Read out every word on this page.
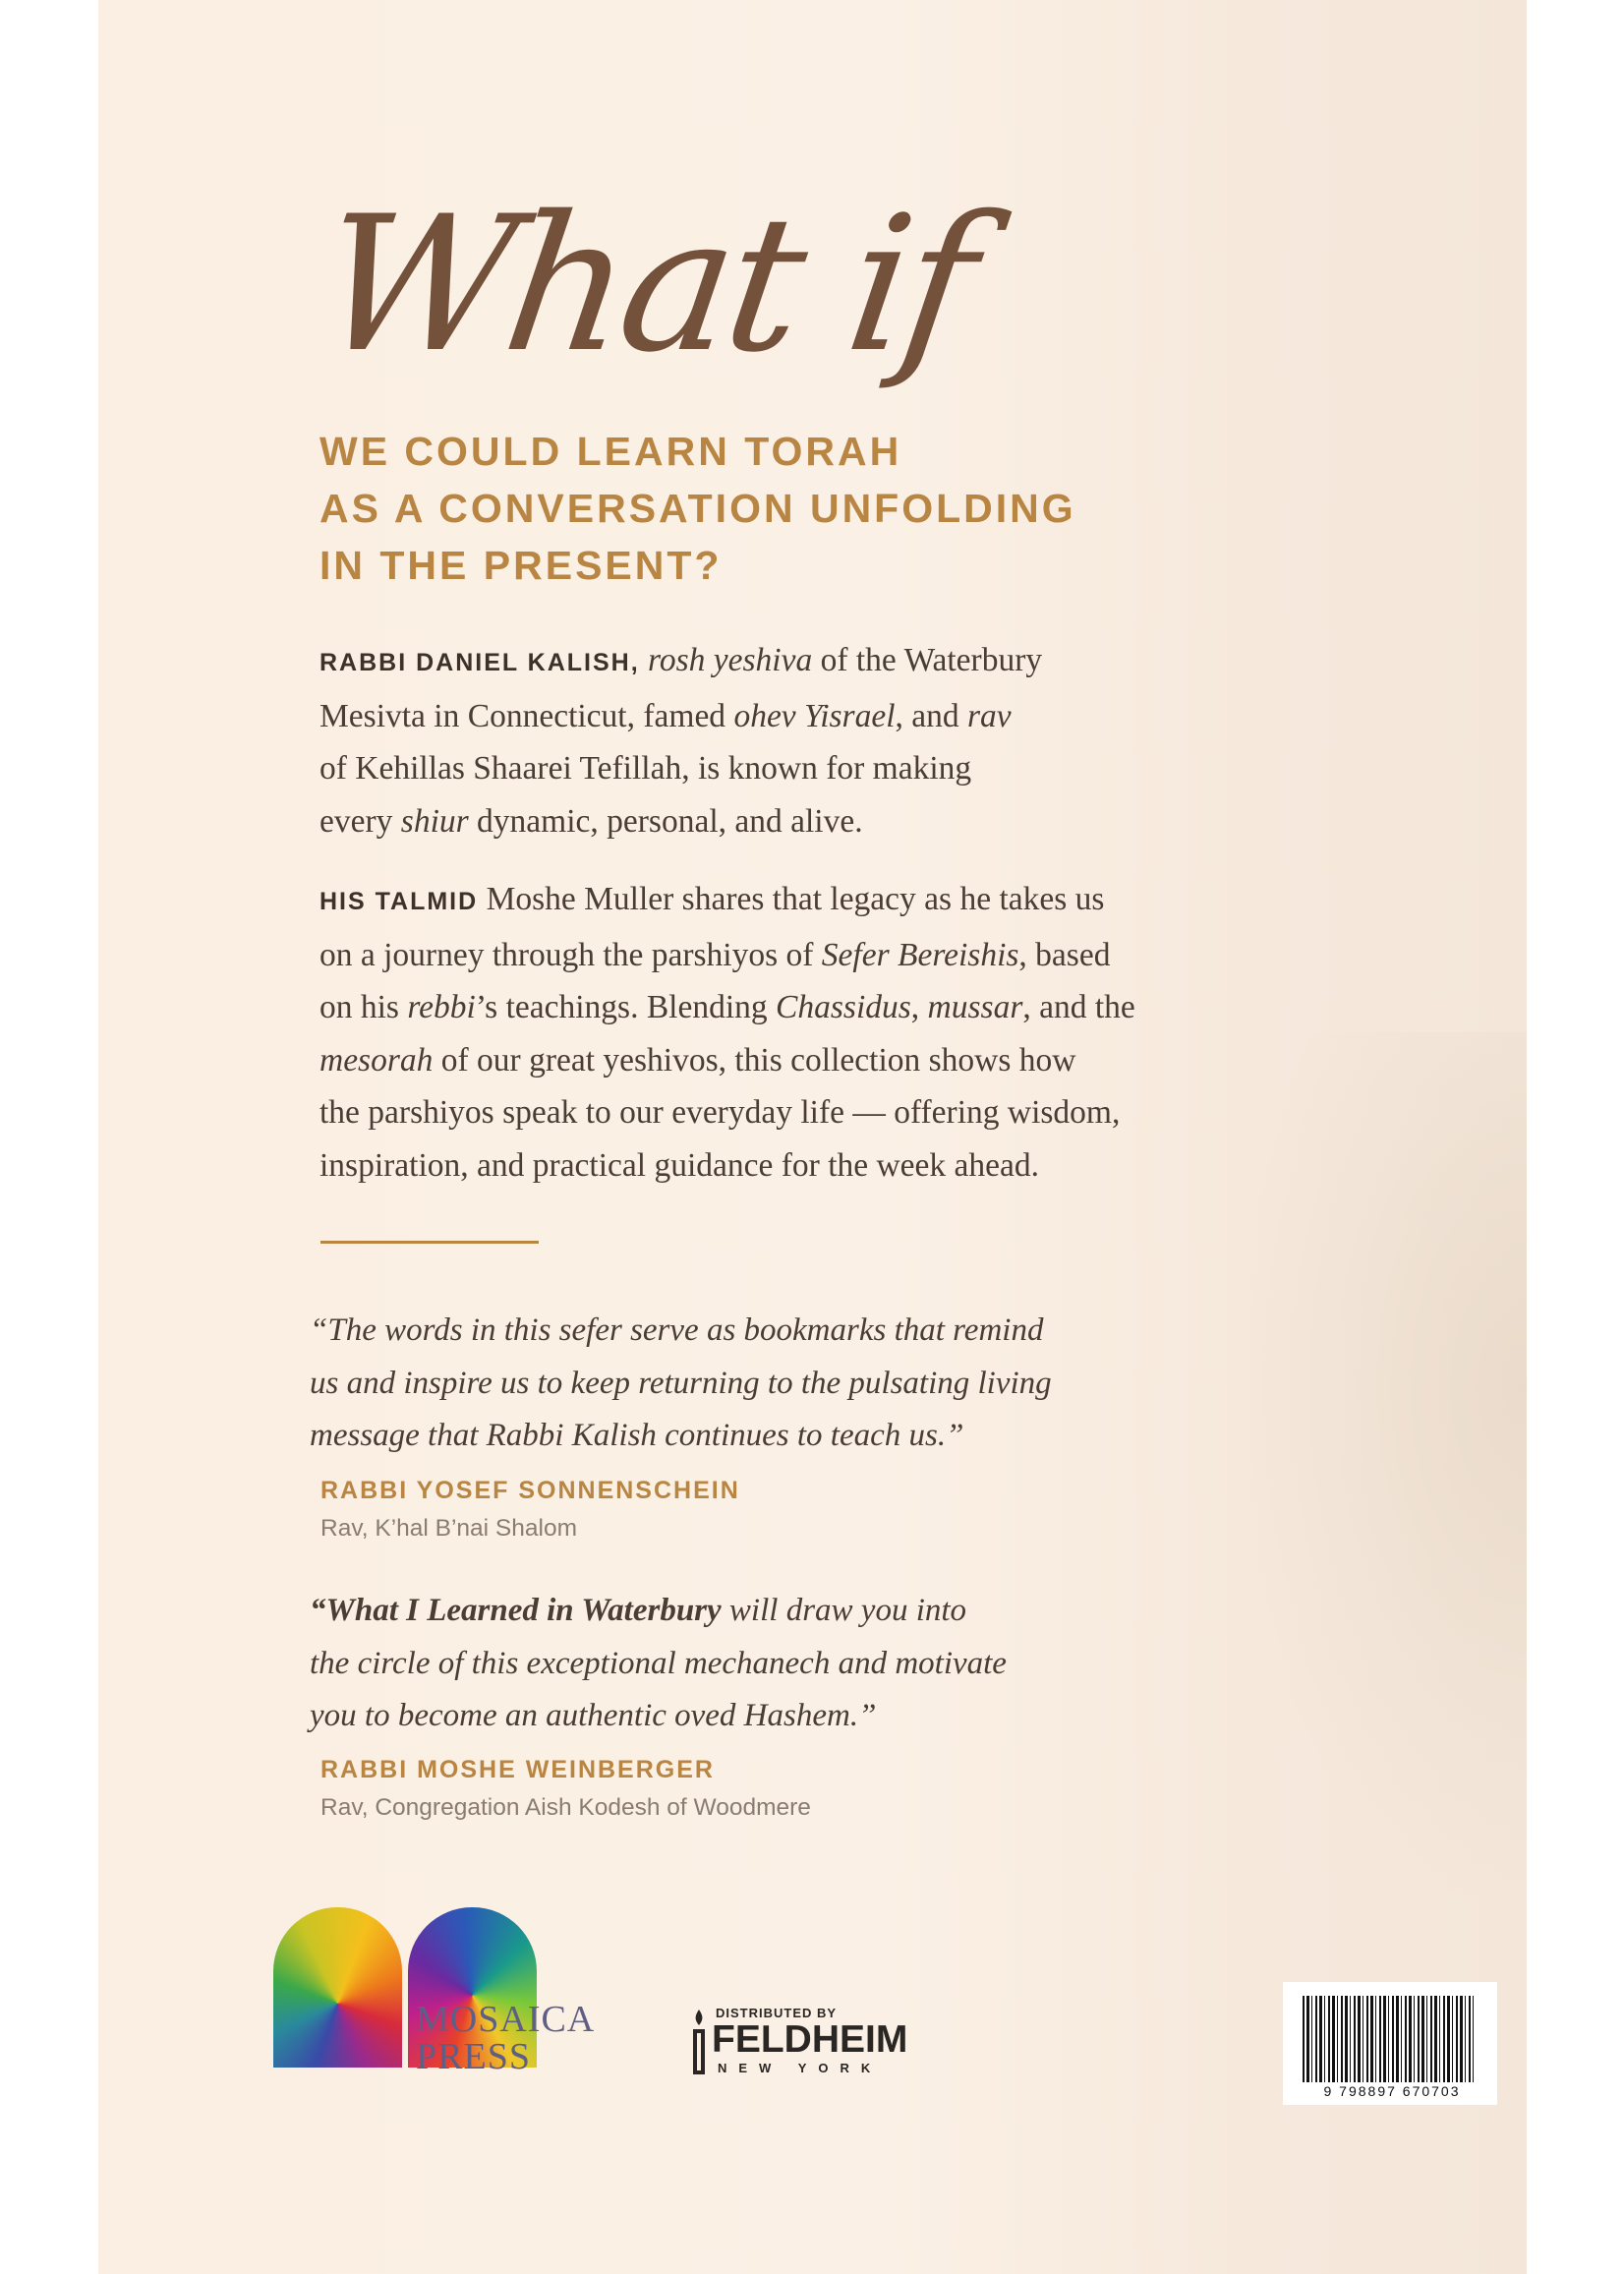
What if

WE COULD LEARN TORAH
AS A CONVERSATION UNFOLDING
IN THE PRESENT?

RABBI DANIEL KALISH, rosh yeshiva of the Waterbury
Mesivta in Connecticut, famed ohev Yisrael, and rav
of Kehillas Shaarei Tefillah, is known for making
every shiur dynamic, personal, and alive.

HIS TALMID Moshe Muller shares that legacy as he takes us
on a journey through the parshiyos of Sefer Bereishis, based
on his rebbi’s teachings. Blending Chassidus, mussar, and the
mesorah of our great yeshivos, this collection shows how
the parshiyos speak to our everyday life — offering wisdom,
inspiration, and practical guidance for the week ahead.

“The words in this sefer serve as bookmarks that remind
us and inspire us to keep returning to the pulsating living
message that Rabbi Kalish continues to teach us.”

RABBI YOSEF SONNENSCHEIN

Rav, K’hal B’nai Shalom

“What I Learned in Waterbury will draw you into
the circle of this exceptional mechanech and motivate
you to become an authentic oved Hashem.”

RABBI MOSHE WEINBERGER

Rav, Congregation Aish Kodesh of Woodmere

MOSAICA
PRESS

DISTRIBUTED BY

FELDHEIM

NEW YORK

9 798897 670703
